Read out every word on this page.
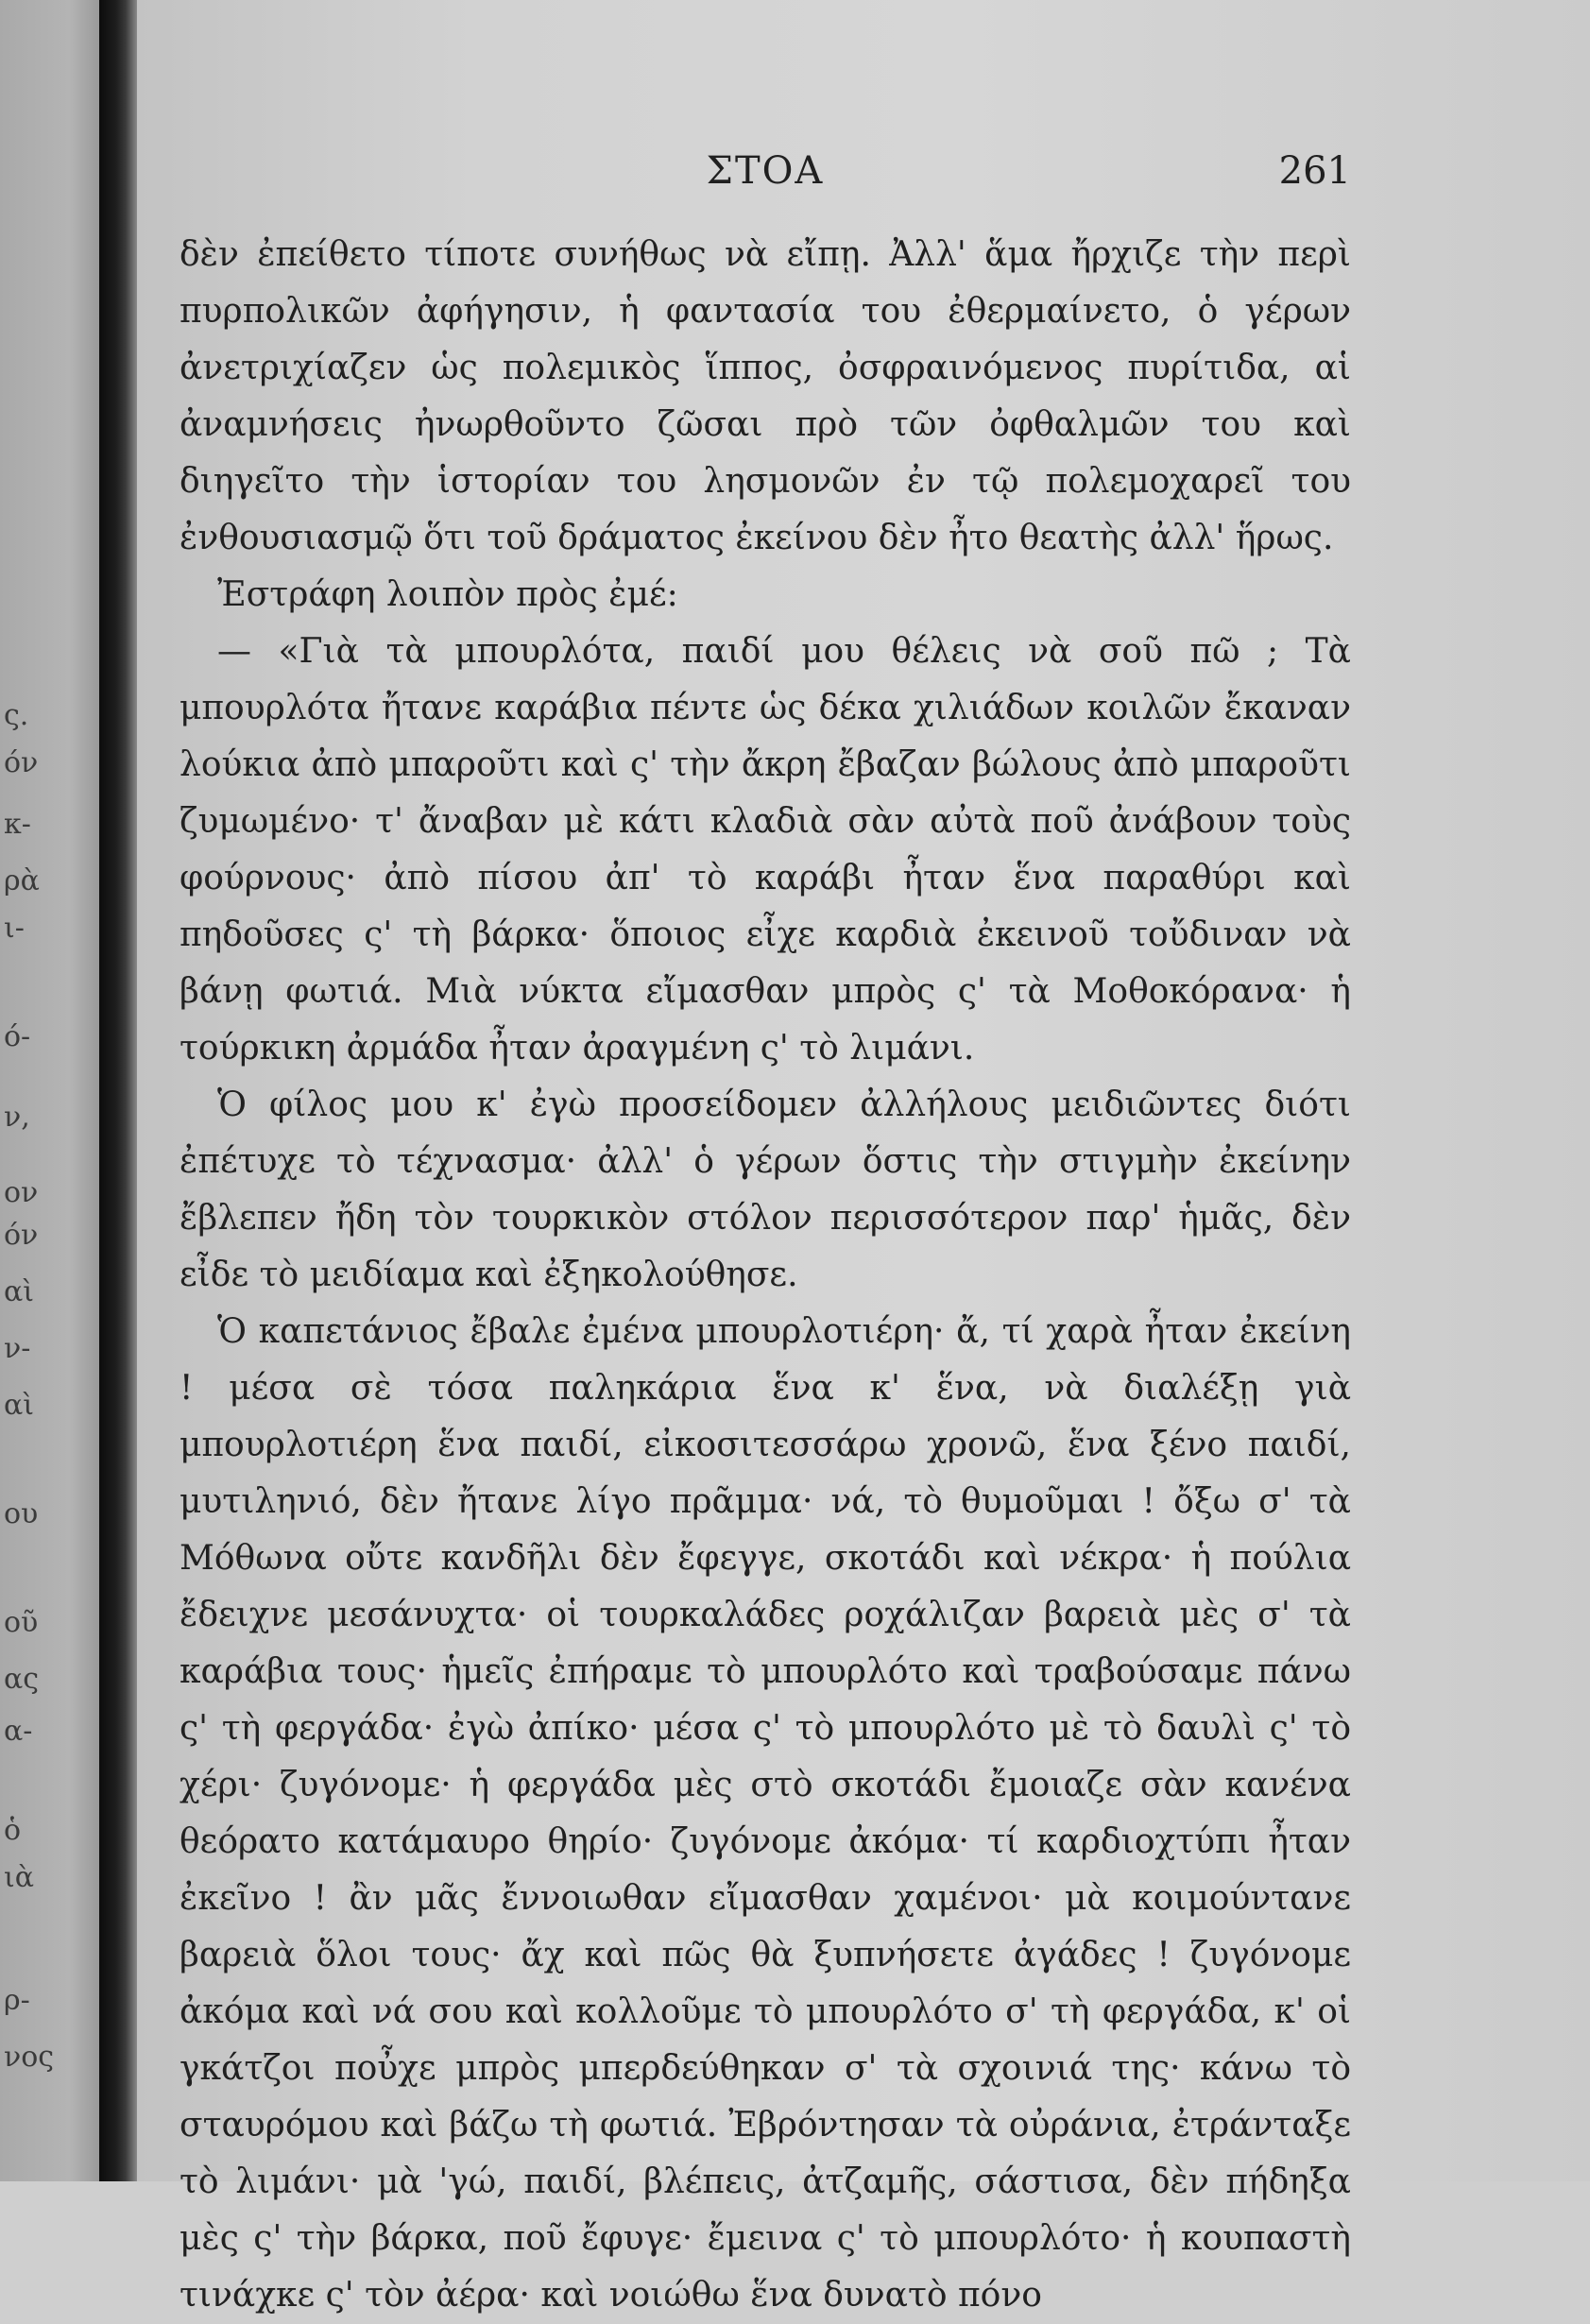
ς.
όν
κ-
ρὰ
ι-
ό-
ν,
ον
όν
αὶ
ν-
αὶ
ου
οῦ
ας
α-
ὁ
ιὰ
ρ-
νος
ΣΤΟΑ	261

δὲν ἐπείθετο τίποτε συνήθως νὰ εἴπῃ. Ἀλλ' ἅμα ἤρχιζε τὴν περὶ πυρπολικῶν ἀφήγησιν, ἡ φαντασία του ἐθερμαίνετο, ὁ γέρων ἀνετριχίαζεν ὡς πολεμικὸς ἵππος, ὀσφραινόμενος πυρίτιδα, αἱ ἀναμνήσεις ἠνωρθοῦντο ζῶσαι πρὸ τῶν ὀφθαλμῶν του καὶ διηγεῖτο τὴν ἱστορίαν του λησμονῶν ἐν τῷ πολεμοχαρεῖ του ἐνθουσιασμῷ ὅτι τοῦ δράματος ἐκείνου δὲν ἦτο θεατὴς ἀλλ' ἥρως.

Ἐστράφη λοιπὸν πρὸς ἐμέ:

— «Γιὰ τὰ μπουρλότα, παιδί μου θέλεις νὰ σοῦ πῶ ; Τὰ μπουρλότα ἤτανε καράβια πέντε ὡς δέκα χιλιάδων κοιλῶν ἔκαναν λούκια ἀπὸ μπαροῦτι καὶ ς' τὴν ἄκρη ἔβαζαν βώλους ἀπὸ μπαροῦτι ζυμωμένο· τ' ἄναβαν μὲ κάτι κλαδιὰ σὰν αὐτὰ ποῦ ἀνάβουν τοὺς φούρνους· ἀπὸ πίσου ἀπ' τὸ καράβι ἦταν ἕνα παραθύρι καὶ πηδοῦσες ς' τὴ βάρκα· ὅποιος εἶχε καρδιὰ ἐκεινοῦ τοὔδιναν νὰ βάνῃ φωτιά. Μιὰ νύκτα εἴμασθαν μπρὸς ς' τὰ Μοθοκόρανα· ἡ τούρκικη ἀρμάδα ἦταν ἀραγμένη ς' τὸ λιμάνι.

Ὁ φίλος μου κ' ἐγὼ προσείδομεν ἀλλήλους μειδιῶντες διότι ἐπέτυχε τὸ τέχνασμα· ἀλλ' ὁ γέρων ὅστις τὴν στιγμὴν ἐκείνην ἔβλεπεν ἤδη τὸν τουρκικὸν στόλον περισσότερον παρ' ἡμᾶς, δὲν εἶδε τὸ μειδίαμα καὶ ἐξηκολούθησε.

Ὁ καπετάνιος ἔβαλε ἐμένα μπουρλοτιέρη· ἄ, τί χαρὰ ἦταν ἐκείνη ! μέσα σὲ τόσα παληκάρια ἕνα κ' ἕνα, νὰ διαλέξῃ γιὰ μπουρλοτιέρη ἕνα παιδί, εἰκοσιτεσσάρω χρονῶ, ἕνα ξένο παιδί, μυτιληνιό, δὲν ἤτανε λίγο πρᾶμμα· νά, τὸ θυμοῦμαι ! ὄξω σ' τὰ Μόθωνα οὔτε κανδῆλι δὲν ἔφεγγε, σκοτάδι καὶ νέκρα· ἡ πούλια ἔδειχνε μεσάνυχτα· οἱ τουρκαλάδες ροχάλιζαν βαρειὰ μὲς σ' τὰ καράβια τους· ἡμεῖς ἐπήραμε τὸ μπουρλότο καὶ τραβούσαμε πάνω ς' τὴ φεργάδα· ἐγὼ ἀπίκο· μέσα ς' τὸ μπουρλότο μὲ τὸ δαυλὶ ς' τὸ χέρι· ζυγόνομε· ἡ φεργάδα μὲς στὸ σκοτάδι ἔμοιαζε σὰν κανένα θεόρατο κατάμαυρο θηρίο· ζυγόνομε ἀκόμα· τί καρδιοχτύπι ἦταν ἐκεῖνο ! ἂν μᾶς ἔννοιωθαν εἴμασθαν χαμένοι· μὰ κοιμούντανε βαρειὰ ὅλοι τους· ἄχ καὶ πῶς θὰ ξυπνήσετε ἀγάδες ! ζυγόνομε ἀκόμα καὶ νά σου καὶ κολλοῦμε τὸ μπουρλότο σ' τὴ φεργάδα, κ' οἱ γκάτζοι ποὖχε μπρὸς μπερδεύθηκαν σ' τὰ σχοινιά της· κάνω τὸ σταυρόμου καὶ βάζω τὴ φωτιά. Ἐβρόντησαν τὰ οὐράνια, ἐτράνταξε τὸ λιμάνι· μὰ 'γώ, παιδί, βλέπεις, ἀτζαμῆς, σάστισα, δὲν πήδηξα μὲς ς' τὴν βάρκα, ποῦ ἔφυγε· ἔμεινα ς' τὸ μπουρλότο· ἡ κουπαστὴ τινάχκε ς' τὸν ἀέρα· καὶ νοιώθω ἕνα δυνατὸ πόνο
